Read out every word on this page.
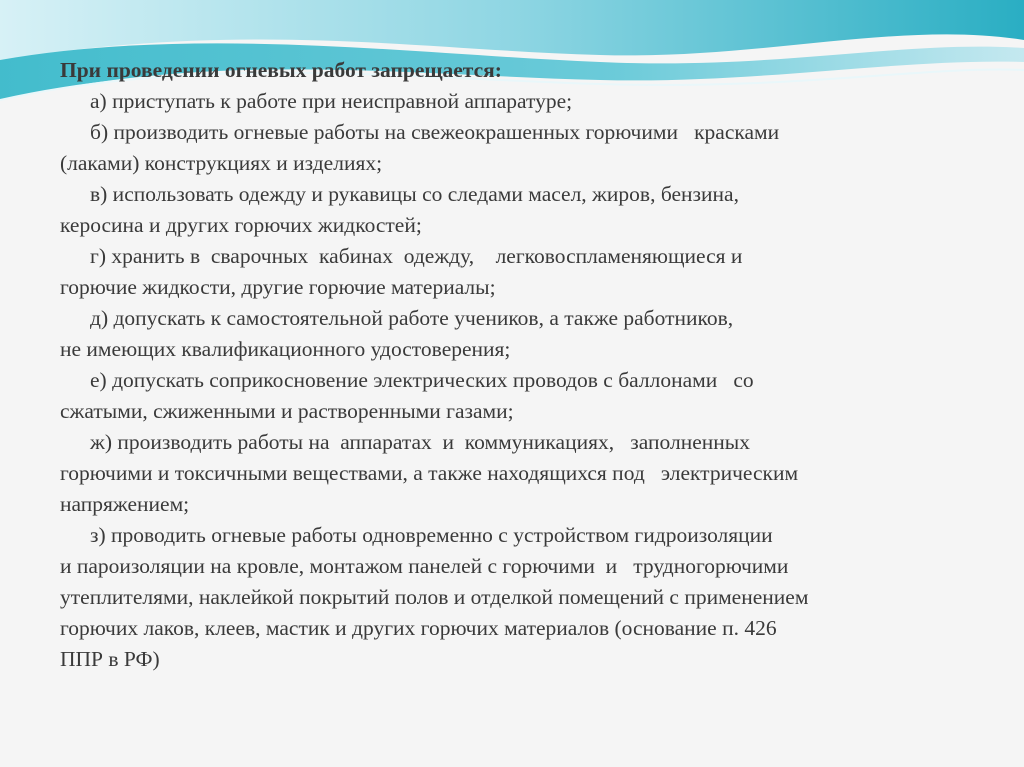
При проведении огневых работ запрещается:

а) приступать к работе при неисправной аппаратуре;

б) производить огневые работы на свежеокрашенных горючими   красками

(лаками) конструкциях и изделиях;

в) использовать одежду и рукавицы со следами масел, жиров, бензина,

керосина и других горючих жидкостей;

г) хранить в  сварочных  кабинах  одежду,    легковоспламеняющиеся и

горючие жидкости, другие горючие материалы;

д) допускать к самостоятельной работе учеников, а также работников,

не имеющих квалификационного удостоверения;

е) допускать соприкосновение электрических проводов с баллонами   со

сжатыми, сжиженными и растворенными газами;

ж) производить работы на  аппаратах  и  коммуникациях,   заполненных

горючими и токсичными веществами, а также находящихся под   электрическим

напряжением;

з) проводить огневые работы одновременно с устройством гидроизоляции

и пароизоляции на кровле, монтажом панелей с горючими  и   трудногорючими

утеплителями, наклейкой покрытий полов и отделкой помещений с применением

горючих лаков, клеев, мастик и других горючих материалов (основание п. 426

ППР в РФ)
